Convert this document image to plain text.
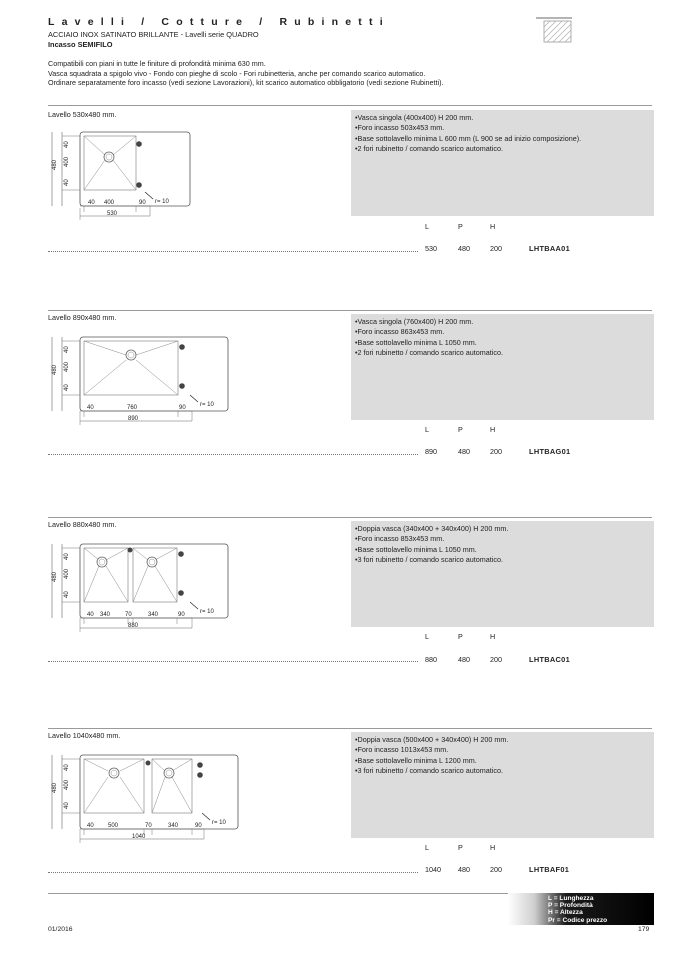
Lavelli / Cotture / Rubinetti
ACCIAIO INOX SATINATO BRILLANTE - Lavelli serie QUADRO
Incasso SEMIFILO
Compatibili con piani in tutte le finiture di profondità minima 630 mm.
Vasca squadrata a spigolo vivo - Fondo con pieghe di scolo - Fori rubinetteria, anche per comando scarico automatico.
Ordinare separatamente foro incasso (vedi sezione Lavorazioni), kit scarico automatico obbligatorio (vedi sezione Rubinetti).
Lavello 530x480 mm.
40 400	90
530
40
400
40
480
r= 10
• Vasca singola (400x400) H 200 mm.
• Foro incasso 503x453 mm.
• Base sottolavello minima L 600 mm (L 900 se ad inizio composizione).
• 2 fori rubinetto / comando scarico automatico.
L	P	H
530	480	200	LHTBAA01
Lavello 890x480 mm.
40	760	90
890
40
400
40
480
r= 10
• Vasca singola (760x400) H 200 mm.
• Foro incasso 863x453 mm.
• Base sottolavello minima L 1050 mm.
• 2 fori rubinetto / comando scarico automatico.
L	P	H
890	480	200	LHTBAG01
Lavello 880x480 mm.
40 340 70	340	90
880
40
400
40
480
r= 10
• Doppia vasca (340x400 + 340x400) H 200 mm.
• Foro incasso 853x453 mm.
• Base sottolavello minima L 1050 mm.
• 3 fori rubinetto / comando scarico automatico.
L	P	H
880	480	200	LHTBAC01
Lavello 1040x480 mm.
40 500	70	340	90
1040
40
400
40
480
r= 10
• Doppia vasca (500x400 + 340x400) H 200 mm.
• Foro incasso 1013x453 mm.
• Base sottolavello minima L 1200 mm.
• 3 fori rubinetto / comando scarico automatico.
L	P	H
1040	480	200	LHTBAF01
L = Lunghezza
P = Profondità
H = Altezza
Pr = Codice prezzo
01/2016	179
